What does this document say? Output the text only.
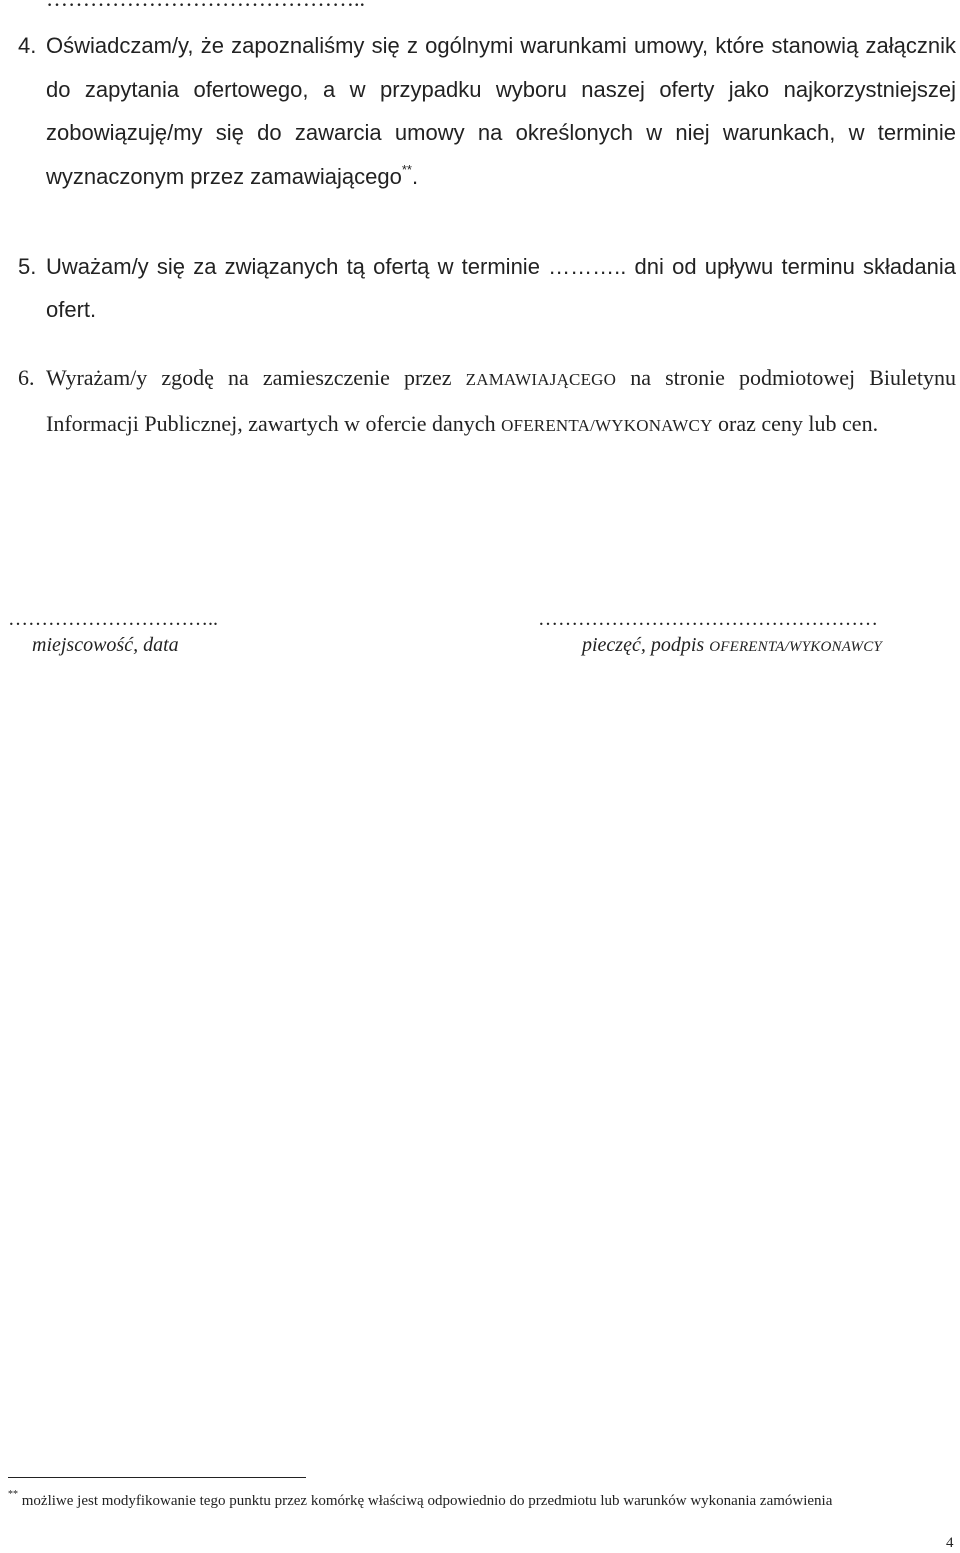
4. Oświadczam/y, że zapoznaliśmy się z ogólnymi warunkami umowy, które stanowią załącznik do zapytania ofertowego, a w przypadku wyboru naszej oferty jako najkorzystniejszej zobowiązuję/my się do zawarcia umowy na określonych w niej warunkach, w terminie wyznaczonym przez zamawiającego**.
5. Uważam/y się za związanych tą ofertą w terminie ……….. dni od upływu terminu składania ofert.
6. Wyrażam/y zgodę na zamieszczenie przez ZAMAWIAJĄCEGO na stronie podmiotowej Biuletynu Informacji Publicznej, zawartych w ofercie danych OFERENTA/WYKONAWCY oraz ceny lub cen.
…………………………..
miejscowość, data
……………………………………………
pieczęć, podpis OFERENTA/WYKONAWCY
** możliwe jest modyfikowanie tego punktu przez komórkę właściwą odpowiednio do przedmiotu lub warunków wykonania zamówienia
4
